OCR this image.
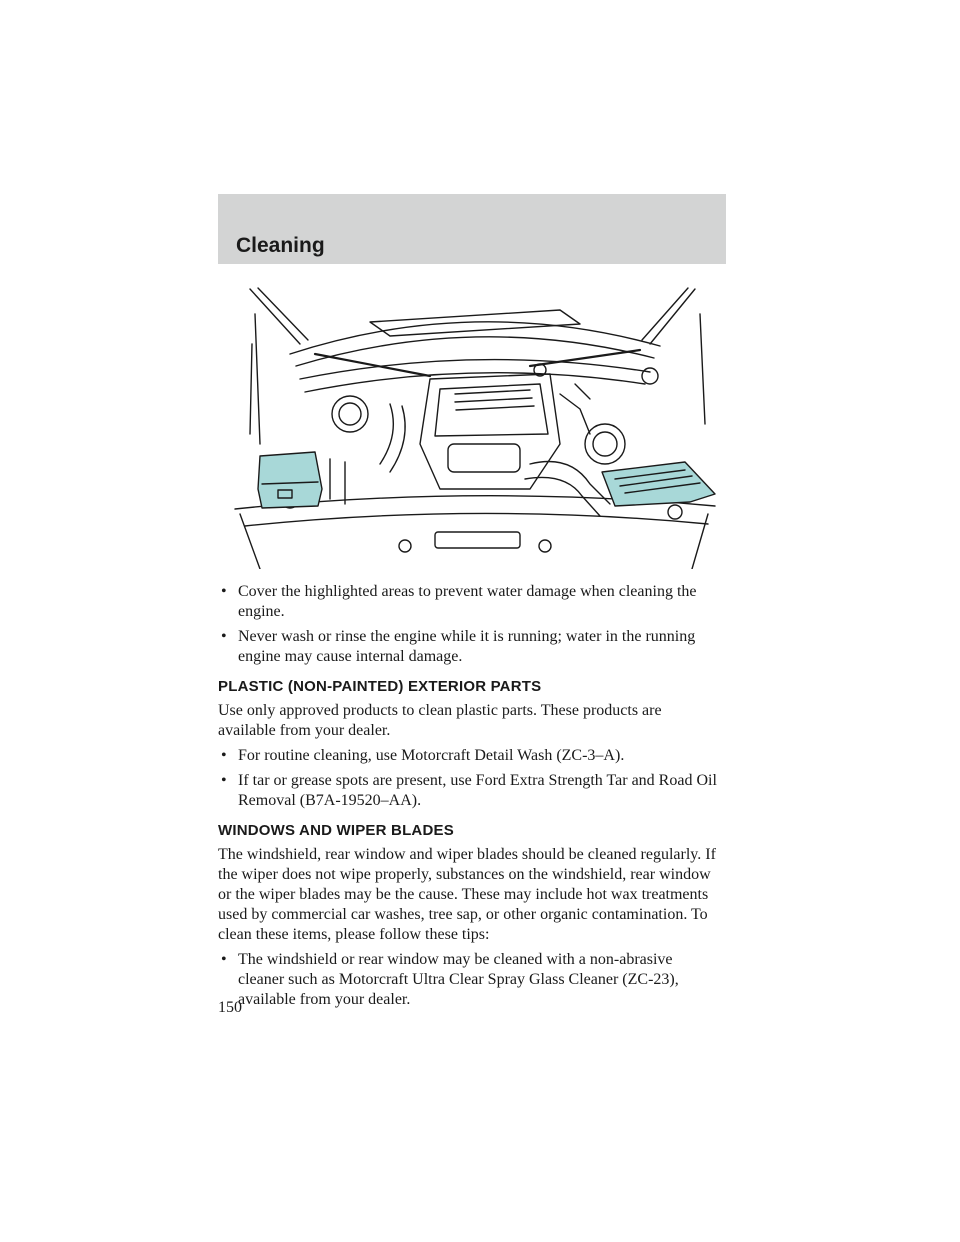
Cleaning

• Cover the highlighted areas to prevent water damage when cleaning the engine.

• Never wash or rinse the engine while it is running; water in the running engine may cause internal damage.

PLASTIC (NON-PAINTED) EXTERIOR PARTS

Use only approved products to clean plastic parts. These products are available from your dealer.

• For routine cleaning, use Motorcraft Detail Wash (ZC-3–A).

• If tar or grease spots are present, use Ford Extra Strength Tar and Road Oil Removal (B7A-19520–AA).

WINDOWS AND WIPER BLADES

The windshield, rear window and wiper blades should be cleaned regularly. If the wiper does not wipe properly, substances on the windshield, rear window or the wiper blades may be the cause. These may include hot wax treatments used by commercial car washes, tree sap, or other organic contamination. To clean these items, please follow these tips:

• The windshield or rear window may be cleaned with a non-abrasive cleaner such as Motorcraft Ultra Clear Spray Glass Cleaner (ZC-23), available from your dealer.

150
